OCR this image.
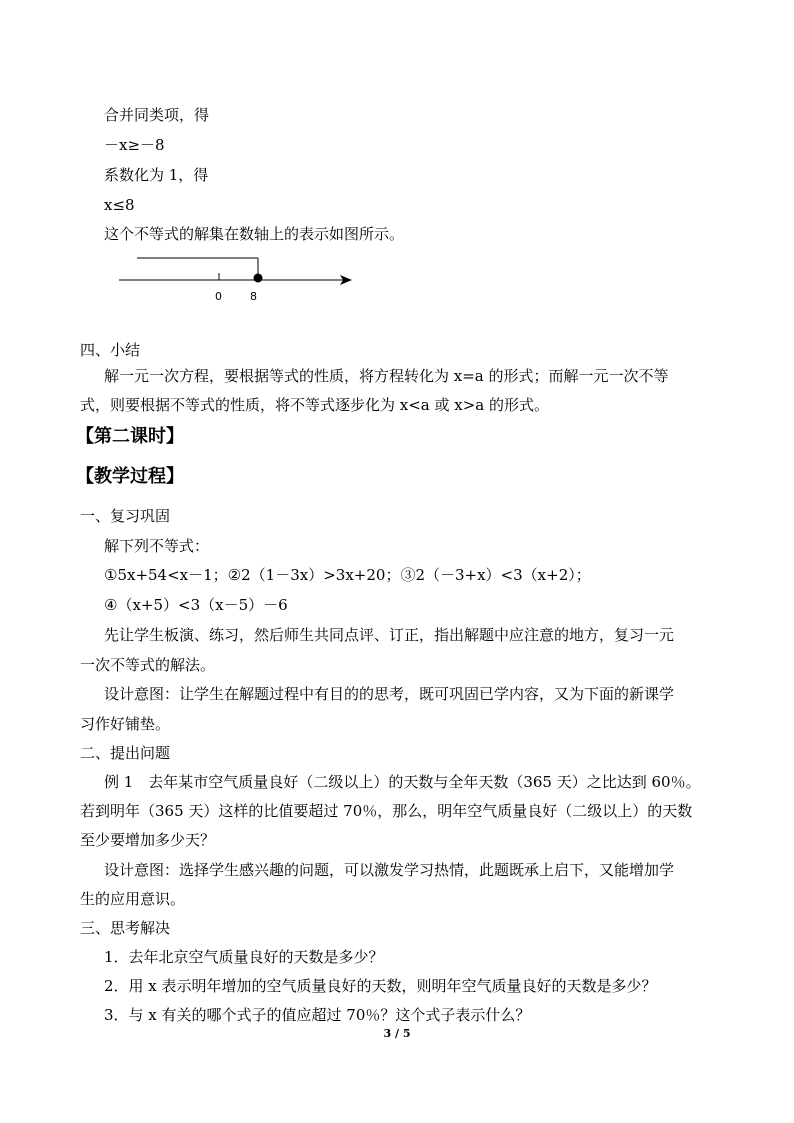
合并同类项，得
－x≥－8
系数化为 1，得
x≤8
这个不等式的解集在数轴上的表示如图所示。
0	8
四、小结
解一元一次方程，要根据等式的性质，将方程转化为 x=a 的形式；而解一元一次不等
式，则要根据不等式的性质，将不等式逐步化为 x<a 或 x>a 的形式。
【第二课时】
【教学过程】
一、复习巩固
解下列不等式：
①5x+54<x－1；②2（1－3x）>3x+20；③2（－3+x）<3（x+2）；
④（x+5）<3（x－5）－6
先让学生板演、练习，然后师生共同点评、订正，指出解题中应注意的地方，复习一元
一次不等式的解法。
设计意图：让学生在解题过程中有目的的思考，既可巩固已学内容，又为下面的新课学
习作好铺垫。
二、提出问题
例 1　去年某市空气质量良好（二级以上）的天数与全年天数（365 天）之比达到 60％。
若到明年（365 天）这样的比值要超过 70％，那么，明年空气质量良好（二级以上）的天数
至少要增加多少天？
设计意图：选择学生感兴趣的问题，可以激发学习热情，此题既承上启下，又能增加学
生的应用意识。
三、思考解决
1．去年北京空气质量良好的天数是多少？
2．用 x 表示明年增加的空气质量良好的天数，则明年空气质量良好的天数是多少？
3．与 x 有关的哪个式子的值应超过 70％？这个式子表示什么？
3 / 5
